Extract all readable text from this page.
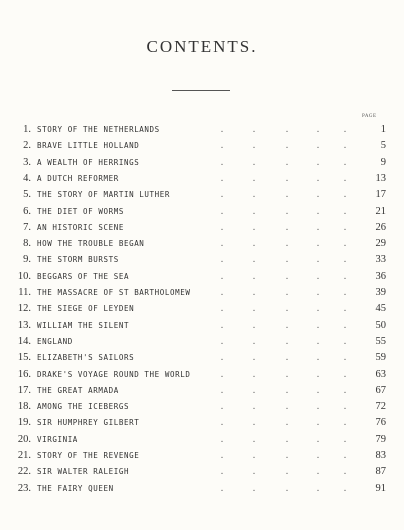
CONTENTS.
PAGE
1. STORY OF THE NETHERLANDS	.	.	.	. .	1
2. BRAVE LITTLE HOLLAND	.	.	.	. .	5
3. A WEALTH OF HERRINGS	.	.	.	. .	9
4. A DUTCH REFORMER	.	.	.	. .	13
5. THE STORY OF MARTIN LUTHER	.	.	.	. .	17
6. THE DIET OF WORMS	.	.	.	. .	21
7. AN HISTORIC SCENE	.	.	.	. .	26
8. HOW THE TROUBLE BEGAN	.	.	.	. .	29
9. THE STORM BURSTS	.	.	.	. .	33
10. BEGGARS OF THE SEA	.	.	.	. .	36
11. THE MASSACRE OF ST BARTHOLOMEW	.	.	.	. .	39
12. THE SIEGE OF LEYDEN	.	.	.	. .	45
13. WILLIAM THE SILENT	.	.	.	. .	50
14. ENGLAND	.	.	.	. .	55
15. ELIZABETH'S SAILORS	.	.	.	. .	59
16. DRAKE'S VOYAGE ROUND THE WORLD	.	.	.	. .	63
17. THE GREAT ARMADA	.	.	.	. .	67
18. AMONG THE ICEBERGS	.	.	.	. .	72
19. SIR HUMPHREY GILBERT	.	.	.	. .	76
20. VIRGINIA	.	.	.	. .	79
21. STORY OF THE REVENGE	.	.	.	. .	83
22. SIR WALTER RALEIGH	.	.	.	. .	87
23. THE FAIRY QUEEN	.	.	.	. .	91
